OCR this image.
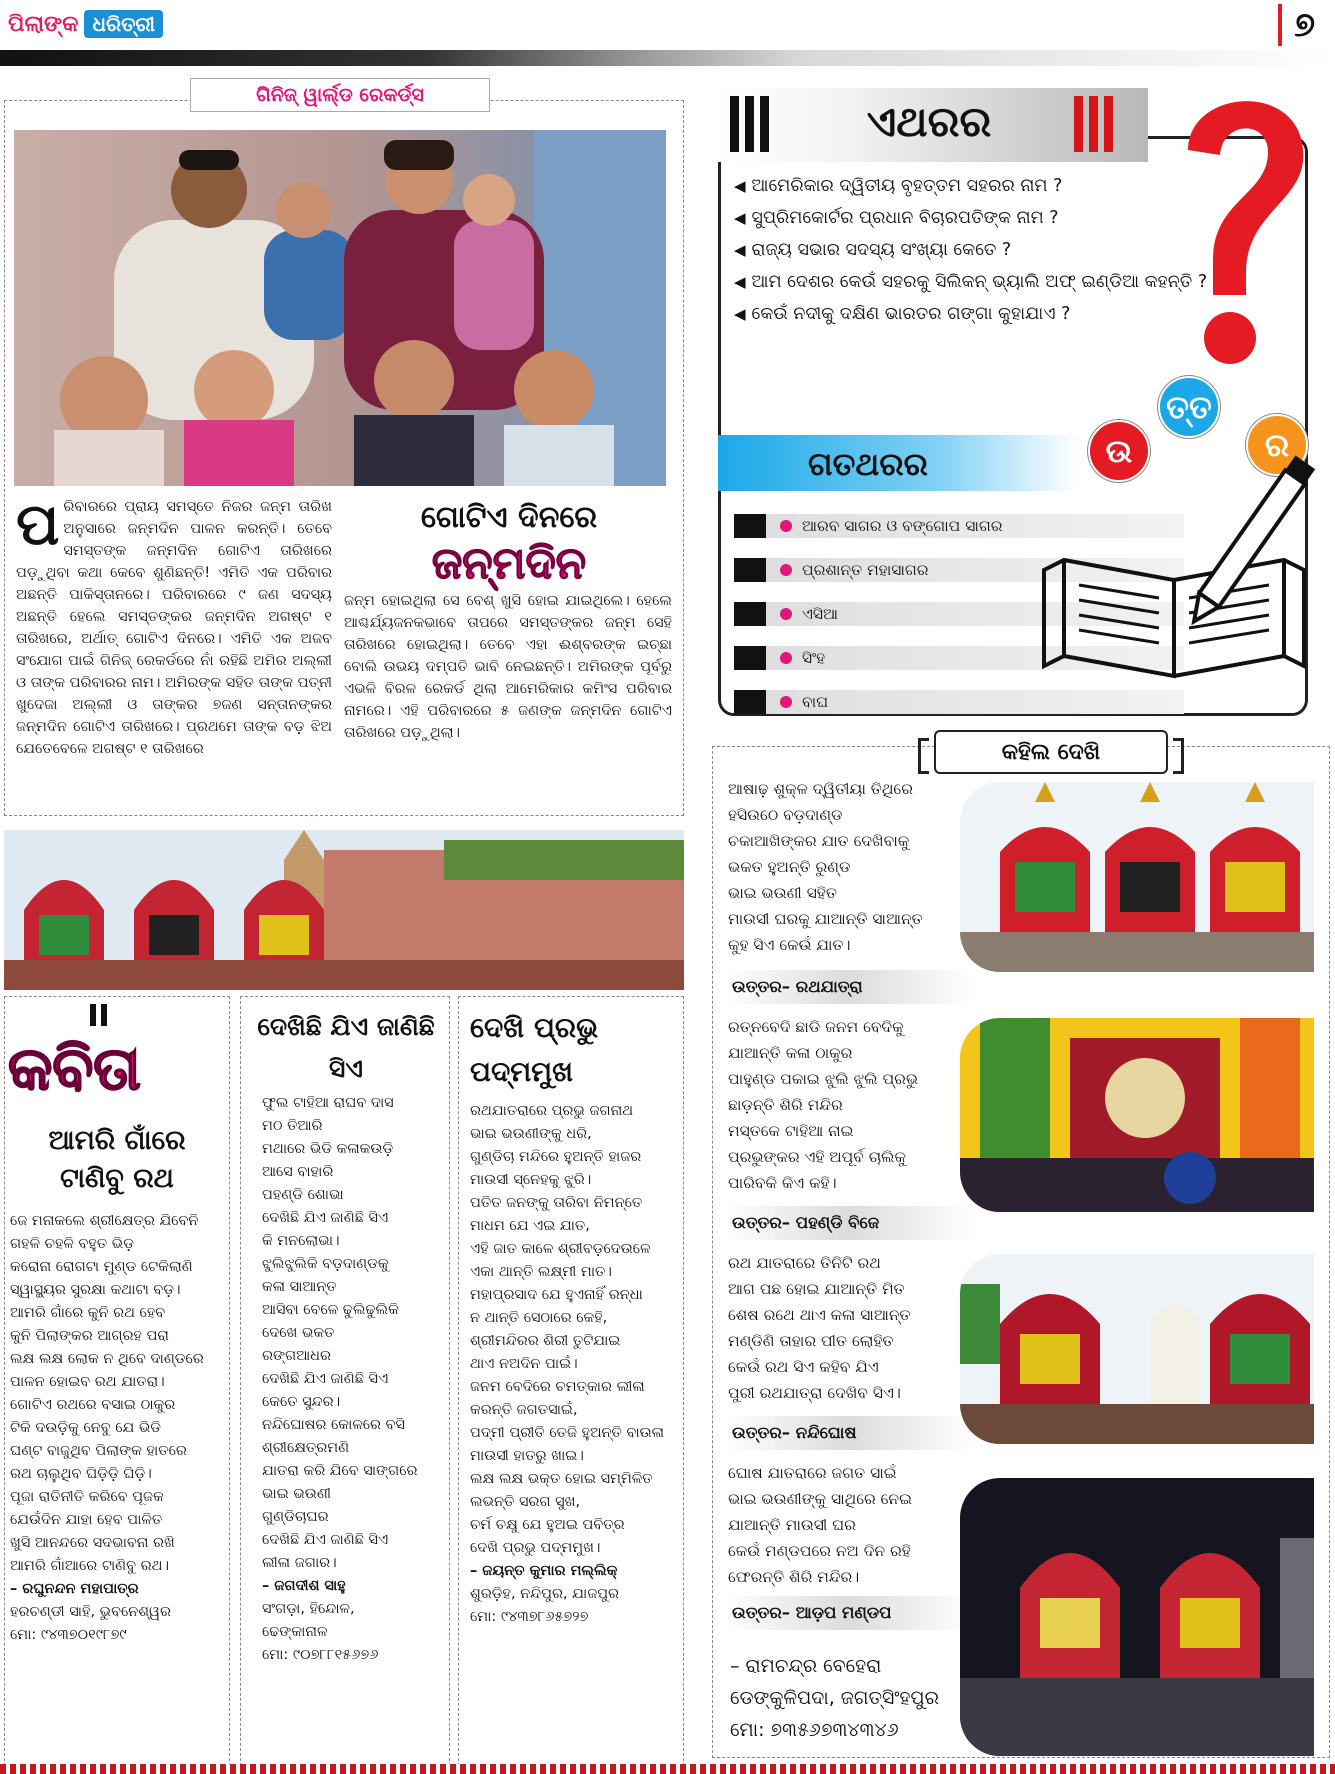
ପିଲାଙ୍କ ଧରିତ୍ରୀ	୭
ଗିନିଜ୍ ୱାର୍ଲ୍ଡ ରେକର୍ଡ୍ସ
ପ ରିବାରରେ ପ୍ରାୟ ସମସ୍ତେ ନିଜର ଜନ୍ମ ତାରିଖ ଅନୁସାରେ ଜନ୍ମଦିନ ପାଳନ କରନ୍ତି। ତେବେ ସମସ୍ତଙ୍କ ଜନ୍ମଦିନ ଗୋଟିଏ ତାରିଖରେ ପଡ଼ୁଥିବା କଥା କେବେ ଶୁଣିଛନ୍ତି! ଏମିତି ଏକ ପରିବାର ଅଛନ୍ତି ପାକିସ୍ତାନରେ। ପରିବାରରେ ୯ ଜଣ ସଦସ୍ୟ ଅଛନ୍ତି ହେଲେ ସମସ୍ତଙ୍କର ଜନ୍ମଦିନ ଅଗଷ୍ଟ ୧ ତାରିଖରେ, ଅର୍ଥାତ୍ ଗୋଟିଏ ଦିନରେ। ଏମିତି ଏକ ଅଜବ ସଂଯୋଗ ପାଇଁ ଗିନିଜ୍ ରେକର୍ଡରେ ନାଁ ରହିଛି ଅମିର ଅଲ୍ଲୀ ଓ ତାଙ୍କ ପରିବାରର ନାମ। ଅମିରଙ୍କ ସହିତ ତାଙ୍କ ପତ୍ନୀ ଖୁଦେଜା ଅଲ୍ଲୀ ଓ ତାଙ୍କର ୭ଜଣ ସନ୍ତାନଙ୍କର ଜନ୍ମଦିନ ଗୋଟିଏ ତାରିଖରେ। ପ୍ରଥମେ ତାଙ୍କ ବଡ଼ ଝିଅ ଯେତେବେଳେ ଅଗଷ୍ଟ ୧ ତାରିଖରେ
ଗୋଟିଏ ଦିନରେ
ଜନ୍ମଦିନ
ଜନ୍ମ ହୋଇଥିଲା ସେ ବେଶ୍ ଖୁସି ହୋଇ ଯାଇଥିଲେ। ହେଲେ ଆଶ୍ଚର୍ଯ୍ୟଜନକଭାବେ ତାପରେ ସମସ୍ତଙ୍କର ଜନ୍ମ ସେହି ତାରିଖରେ ହୋଇଥିଲା। ତେବେ ଏହା ଈଶ୍ବରଙ୍କ ଇଚ୍ଛା ବୋଲି ଉଭୟ ଦମ୍ପତି ଭାବି ନେଇଛନ୍ତି। ଅମିରଙ୍କ ପୂର୍ବରୁ ଏଭଳି ବିରଳ ରେକର୍ଡ ଥିଲା ଆମେରିକାର କମିଂସ ପରିବାର ନାମରେ। ଏହି ପରିବାରରେ ୫ ଜଣଙ୍କ ଜନ୍ମଦିନ ଗୋଟିଏ ତାରିଖରେ ପଡ଼ୁଥିଲା।
ଏଥରର
◀ ଆମେରିକାର ଦ୍ୱିତୀୟ ବୃହତ୍ତମ ସହରର ନାମ ?
◀ ସୁପ୍ରିମକୋର୍ଟର ପ୍ରଧାନ ବିଚାରପତିଙ୍କ ନାମ ?
◀ ରାଜ୍ୟ ସଭାର ସଦସ୍ୟ ସଂଖ୍ୟା କେତେ ?
◀ ଆମ ଦେଶର କେଉଁ ସହରକୁ ସିଲିକନ୍ ଭ୍ୟାଲି ଅଫ୍ ଇଣ୍ଡିଆ କହନ୍ତି ?
◀ କେଉଁ ନଦୀକୁ ଦକ୍ଷିଣ ଭାରତର ଗଙ୍ଗା କୁହାଯାଏ ?
ଗତଥରର	ଉ
ତ୍ତ
ର
ଆରବ ସାଗର ଓ ବଙ୍ଗୋପ ସାଗର
ପ୍ରଶାନ୍ତ ମହାସାଗର
ଏସିଆ
ସିଂହ
ବାଘ
କହିଲ ଦେଖି
ଆଷାଢ଼ ଶୁକ୍ଳ ଦ୍ୱିତୀୟା ତିଥିରେ
ହସିଉଠେ ବଡ଼ଦାଣ୍ଡ
ଚକାଆଖିଙ୍କର ଯାତ ଦେଖିବାକୁ
ଭକତ ହୁଅନ୍ତି ରୁଣ୍ଡ
ଭାଇ ଭଉଣୀ ସହିତ
ମାଉସୀ ଘରକୁ ଯାଆନ୍ତି ସାଆନ୍ତ
କୁହ ସିଏ କେଉଁ ଯାତ।
ଉତ୍ତର– ରଥଯାତ୍ରା
ରତ୍ନବେଦି ଛାଡି ଜନମ ବେଦିକୁ
ଯାଆନ୍ତି କଳା ଠାକୁର
ପାହୁଣ୍ଡ ପକାଇ ଝୁଲି ଝୁଲି ପ୍ରଭୁ
ଛାଡ଼ନ୍ତି ଶିରି ମନ୍ଦିର
ମସ୍ତକେ ଟାହିଆ ନାଇ
ପ୍ରଭୁଙ୍କର ଏହି ଅପୂର୍ବ ଚାଲିକୁ
ପାରିବକି କିଏ କହି।
ଉତ୍ତର– ପହଣ୍ଡି ବିଜେ
ରଥ ଯାତରାରେ ତିନିଟି ରଥ
ଆଗ ପଛ ହୋଇ ଯାଆନ୍ତି ମିତ
ଶେଷ ରଥେ ଥାଏ କଳା ସାଆନ୍ତ
ମଣ୍ଡିଣି ତାହାର ପୀତ ଲୋହିତ
କେଉଁ ରଥ ସିଏ କହିବ ଯିଏ
ପୁରୀ ରଥଯାତ୍ରା ଦେଖିବ ସିଏ।
ଉତ୍ତର– ନନ୍ଦିଘୋଷ
ଘୋଷ ଯାତରାରେ ଜଗତ ସାଇଁ
ଭାଇ ଭଉଣୀଙ୍କୁ ସାଥିରେ ନେଇ
ଯାଆନ୍ତି ମାଉସୀ ଘର
କେଉଁ ମଣ୍ଡପରେ ନଅ ଦିନ ରହି
ଫେରନ୍ତି ଶିରି ମନ୍ଦିର।
ଉତ୍ତର– ଆଡ଼ପ ମଣ୍ଡପ
– ରାମଚନ୍ଦ୍ର ବେହେରା
ଡେଙ୍କୁଳିପଦା, ଜଗତ୍‌ସିଂହପୁର
ମୋ: ୭୩୫୬୭୩୪୩୪୬
କବିତା
ଆମରି ଗାଁରେ ଟାଣିବୁ ରଥ
ଜେ ମନାକଲେ ଶ୍ରୀକ୍ଷେତ୍ର ଯିବେନି
ଗହଳି ଚହଳି ବହୁତ ଭିଡ଼
କରୋନା ରୋଗଟା ମୁଣ୍ଡ ଟେକିଲାଣି
ସ୍ୱାସ୍ଥ୍ୟର ସୁରକ୍ଷା କଥାଟା ବଡ଼।
ଆମରି ଗାଁରେ କୁନି ରଥ ହେବ
କୁନି ପିଲାଙ୍କର ଆଗ୍ରହ ପରା
ଲକ୍ଷ ଲକ୍ଷ ଲୋକ ନ ଥିବେ ଦାଣ୍ଡରେ
ପାଳନ ହୋଇବ ରଥ ଯାତରା।
ଗୋଟିଏ ରଥରେ ବସାଇ ଠାକୁର
ଟିକି ଦଉଡ଼ିକୁ ନେବୁ ଯେ ଭିଡି
ଘଣ୍ଟ ବାଜୁଥିବ ପିଲାଙ୍କ ହାତରେ
ରଥ ଚାଲୁଥିବ ଘିଡ଼ିଡ଼ି ଘିଡ଼ି।
ପୂଜା ରାତିନୀତି କରିବେ ପୂଜକ
ଯେଉଁଦିନ ଯାହା ହେବ ପାଳିତ
ଖୁସି ଆନନ୍ଦରେ ସଦଭାବନା ରଖି
ଆମରି ଗାଁଆରେ ଟାଣିବୁ ରଥ।
– ରଘୁନନ୍ଦନ ମହାପାତ୍ର
ହରଚଣ୍ଡୀ ସାହି, ଭୁବନେଶ୍ୱର
ମୋ: ୯୪୩୭୦୧୯୮୭୯
ଦେଖିଛି ଯିଏ ଜାଣିଛି ସିଏ
ଫୁଲ ଟାହିଆ ରାଘବ ଦାସ
ମଠ ତିଆରି
ମଥାରେ ଭିଡି କଳାକଉଡ଼ି
ଆସେ ବାହାରି
ପହଣ୍ଡି ଶୋଭା
ଦେଖିଛି ଯିଏ ଜାଣିଛି ସିଏ
କି ମନଲୋଭା।
ଝୁଲିଝୁଲିକି ବଡ଼ଦାଣ୍ଡକୁ
କଳା ସାଆନ୍ତ
ଆସିବା ବେଳେ ଢୁଲିଢୁଲିକି
ଦେଖେ ଭକତ
ରଙ୍ଗଆଧର
ଦେଖିଛି ଯିଏ ଜାଣିଛି ସିଏ
କେତେ ସୁନ୍ଦର।
ନନ୍ଦିଘୋଷର କୋଳରେ ବସି
ଶ୍ରୀକ୍ଷେତ୍ରମଣି
ଯାତରା କରି ଯିବେ ସାଙ୍ଗରେ
ଭାଇ ଭଉଣୀ
ଗୁଣ୍ଡିଚାଘର
ଦେଖିଛି ଯିଏ ଜାଣିଛି ସିଏ
ଲୀଳା ଜଗାର।
– ଜଗଦୀଶ ସାହୁ
ସଂଗଡ଼ା, ହିନ୍ଦୋଳ,
ଢେଙ୍କାନାଳ
ମୋ: ୯୦୭୮୮୧୫୬୭୬
ଦେଖି ପ୍ରଭୁ ପଦ୍ମମୁଖ
ରଥଯାତରାରେ ପ୍ରଭୁ ଜଗନାଥ
ଭାଇ ଭଉଣୀଙ୍କୁ ଧରି,
ଗୁଣ୍ଡିଚା ମନ୍ଦିରେ ହୁଅନ୍ତି ହାଜର
ମାଉସୀ ସ୍ନେହକୁ ଝୁରି।
ପତିତ ଜନଙ୍କୁ ତାରିବା ନିମନ୍ତେ
ମାଧମ ଯେ ଏଇ ଯାତ,
ଏହି ଜାତ କାଳେ ଶ୍ରୀବଡ଼ଦେଉଳେ
ଏକା ଥାନ୍ତି ଲକ୍ଷ୍ମୀ ମାତ।
ମହାପ୍ରସାଦ ଯେ ହୁଏନାହିଁ ରନ୍ଧା
ନ ଥାନ୍ତି ସେଠାରେ କେହି,
ଶ୍ରୀମନ୍ଦିରର ଶିରୀ ତୁଟିଯାଇ
ଥାଏ ନଅଦିନ ପାଇଁ।
ଜନମ ବେଦିରେ ଚମତ୍କାର ଲୀଳା
କରନ୍ତି ଜଗତସାଇଁ,
ପଦ୍ମୀ ପ୍ରୀତି ତେଜି ହୁଅନ୍ତି ବାଉଳା
ମାଉସୀ ହାତରୁ ଖାଇ।
ଲକ୍ଷ ଲକ୍ଷ ଭକ୍ତ ହୋଇ ସମ୍ମିଳିତ
ଲଭନ୍ତି ସରଗ ସୁଖ,
ଚର୍ମ ଚକ୍ଷୁ ଯେ ହୁଅଇ ପବିତ୍ର
ଦେଖି ପ୍ରଭୁ ପଦ୍ମମୁଖ।
– ଜୟନ୍ତ କୁମାର ମଲ୍ଲିକ୍
ଶୁରଡ଼ିହ, ନନ୍ଦିପୁର, ଯାଜପୁର
ମୋ: ୯୪୩୭୮୬୫୭୨୭
